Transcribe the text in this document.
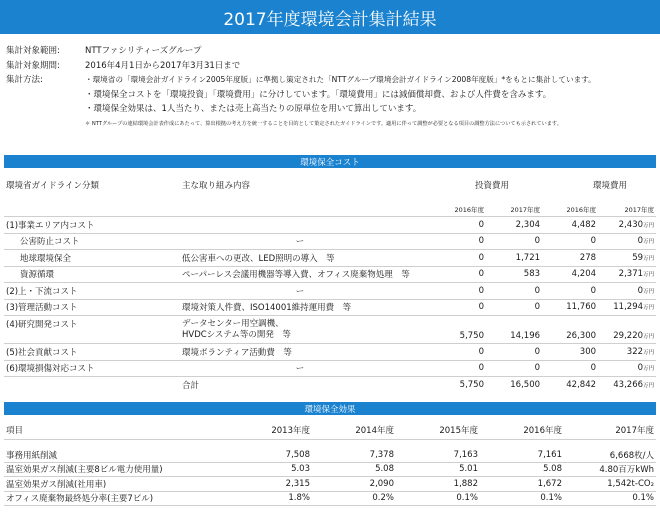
2017年度環境会計集計結果
集計対象範囲:	NTTファシリティーズグループ
集計対象期間:	2016年4月1日から2017年3月31日まで
集計方法:	・環境省の「環境会計ガイドライン2005年度版」に準拠し策定された「NTTグループ環境会計ガイドライン2008年度版」*をもとに集計しています。
・環境保全コストを「環境投資」「環境費用」に分けしています。「環境費用」には減価償却費、および人件費を含みます。
・環境保全効果は、1人当たり、または売上高当たりの原単位を用いて算出しています。
＊ NTTグループの連結環境会計表作成にあたって、算出根拠の考え方を統一することを目的として策定されたガイドラインです。適用に伴って調整が必要となる項目の調整方法についても示されています。
環境保全コスト
環境省ガイドライン分類	主な取り組み内容	投資費用		環境費用	
		2016年度	2017年度	2016年度	2017年度
(1)事業エリア内コスト		0	2,304	4,482	2,430万円
公害防止コスト	ー	0	0	0	0万円
地球環境保全	低公害車への更改、LED照明の導入　等	0	1,721	278	59万円
資源循環	ペーパーレス会議用機器等導入費、オフィス廃棄物処理　等	0	583	4,204	2,371万円
(2)上・下流コスト	ー	0	0	0	0万円
(3)管理活動コスト	環境対策人件費、ISO14001維持運用費　等	0	0	11,760	11,294万円
(4)研究開発コスト	データセンター用空調機、
HVDCシステム等の開発　等	5,750	14,196	26,300	29,220万円
(5)社会貢献コスト	環境ボランティア活動費　等	0	0	300	322万円
(6)環境損傷対応コスト	ー	0	0	0	0万円
	合計	5,750	16,500	42,842	43,266万円
環境保全効果
項目	2013年度	2014年度	2015年度	2016年度	2017年度

事務用紙削減	7,508	7,378	7,163	7,161	6,668枚/人
温室効果ガス削減(主要8ビル電力使用量)	5.03	5.08	5.01	5.08	4.80百万kWh
温室効果ガス削減(社用車)	2,315	2,090	1,882	1,672	1,542t-CO₂
オフィス廃棄物最終処分率(主要7ビル)	1.8%	0.2%	0.1%	0.1%	0.1%
